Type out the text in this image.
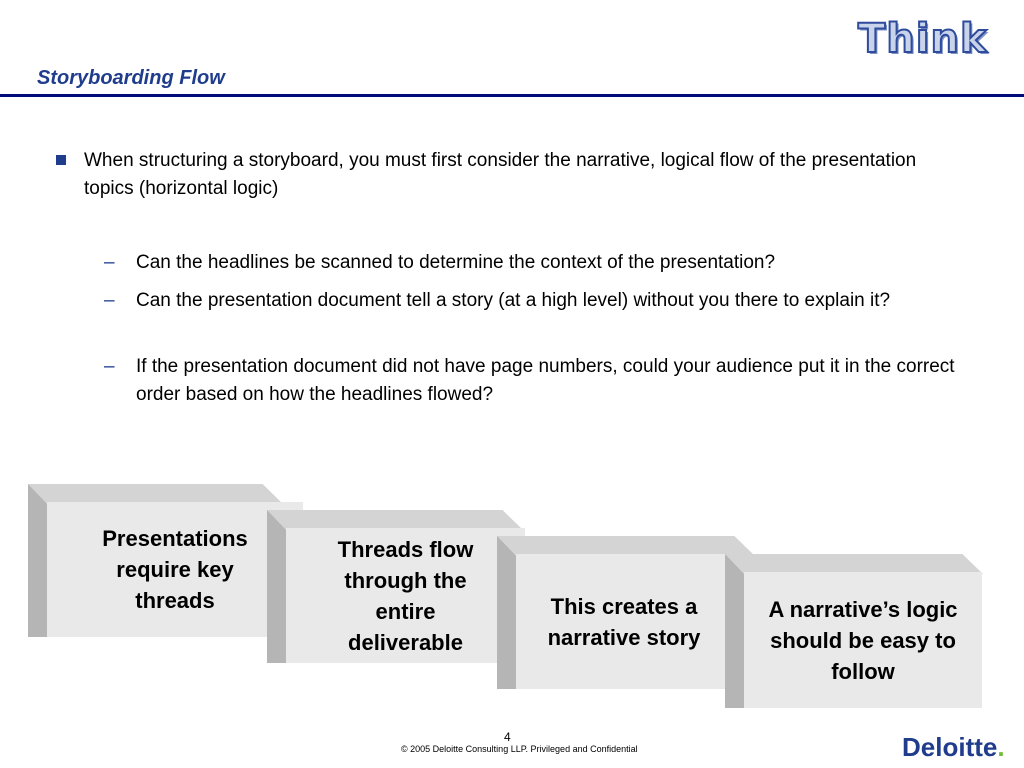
Storyboarding Flow
Think
When structuring a storyboard, you must first consider the narrative, logical flow of the presentation topics (horizontal logic)
– Can the headlines be scanned to determine the context of the presentation?
– Can the presentation document tell a story (at a high level) without you there to explain it?
– If the presentation document did not have page numbers, could your audience put it in the correct order based on how the headlines flowed?
Presentations require key threads
Threads flow through the entire deliverable
This creates a narrative story
A narrative’s logic should be easy to follow
4
© 2005 Deloitte Consulting LLP. Privileged and Confidential	Deloitte.
